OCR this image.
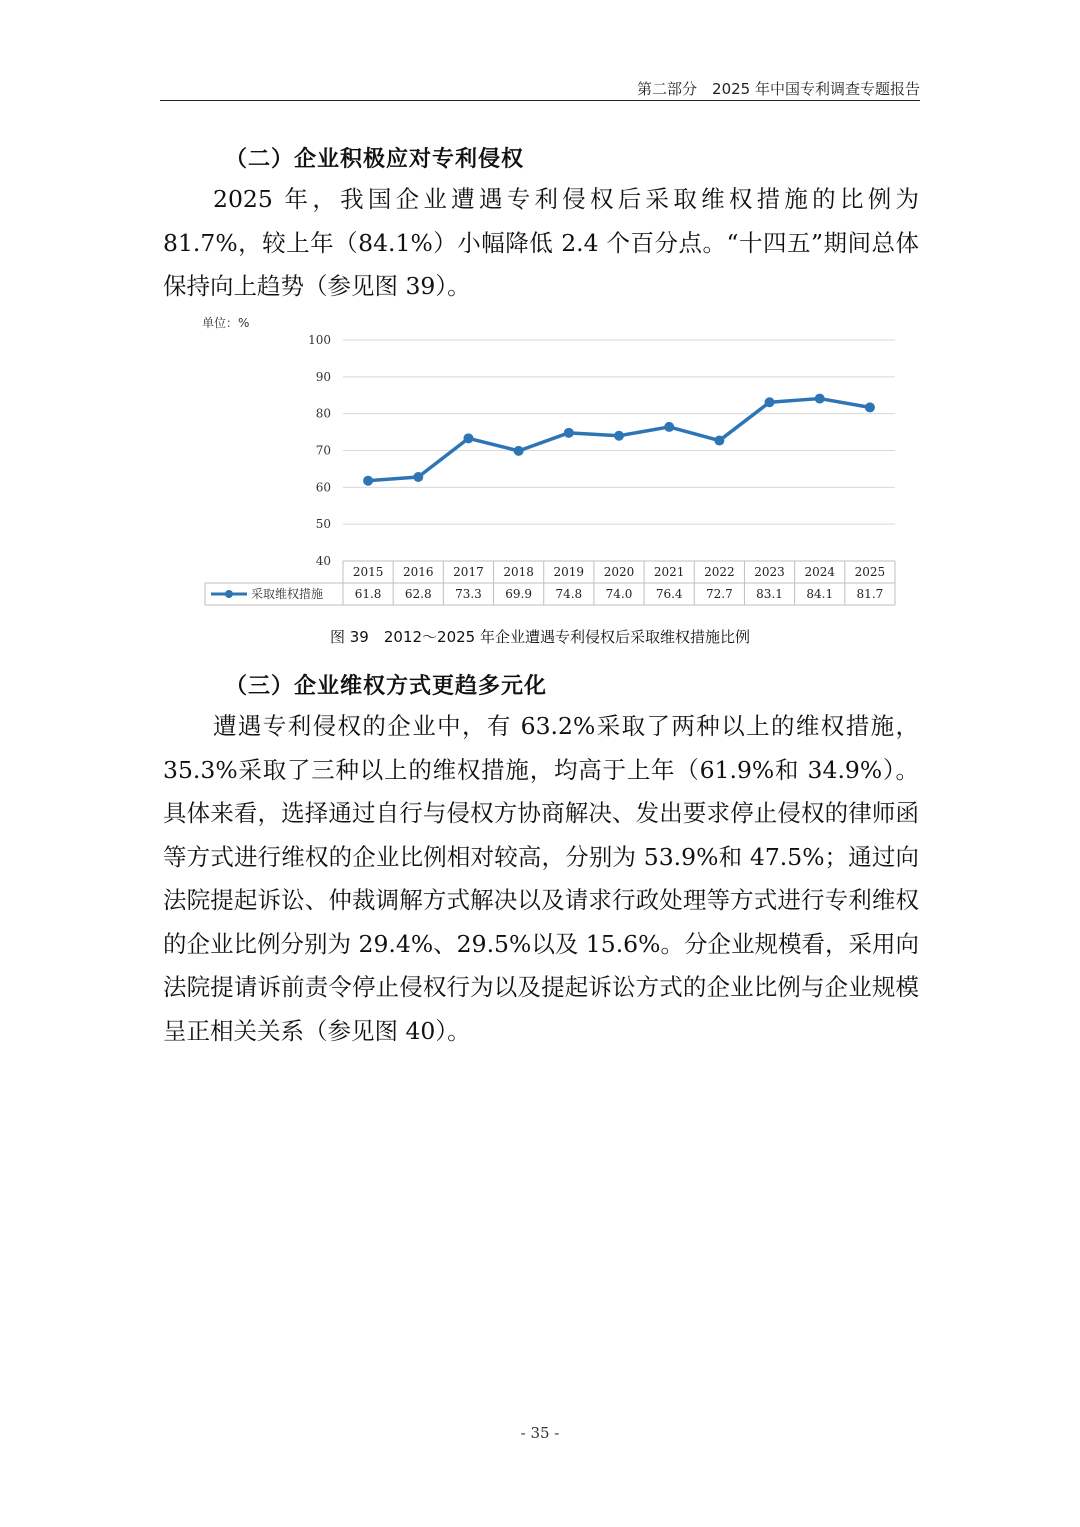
第二部分　2025 年中国专利调查专题报告
（二）企业积极应对专利侵权

2025 年，我国企业遭遇专利侵权后采取维权措施的比例为 81.7%，较上年（84.1%）小幅降低 2.4 个百分点。“十四五”期间总体保持向上趋势（参见图 39）。

单位：%
40
50
60
70
80
90
100
2015 2016 2017 2018 2019 2020 2021 2022 2023 2024 2025
采取维权措施	61.8 62.8 73.3 69.9 74.8 74.0 76.4 72.7 83.1 84.1 81.7
图 39　2012～2025 年企业遭遇专利侵权后采取维权措施比例
（三）企业维权方式更趋多元化

遭遇专利侵权的企业中，有 63.2%采取了两种以上的维权措施，35.3%采取了三种以上的维权措施，均高于上年（61.9%和 34.9%）。具体来看，选择通过自行与侵权方协商解决、发出要求停止侵权的律师函等方式进行维权的企业比例相对较高，分别为 53.9%和 47.5%；通过向法院提起诉讼、仲裁调解方式解决以及请求行政处理等方式进行专利维权的企业比例分别为 29.4%、29.5%以及 15.6%。分企业规模看，采用向法院提请诉前责令停止侵权行为以及提起诉讼方式的企业比例与企业规模呈正相关关系（参见图 40）。

- 35 -
